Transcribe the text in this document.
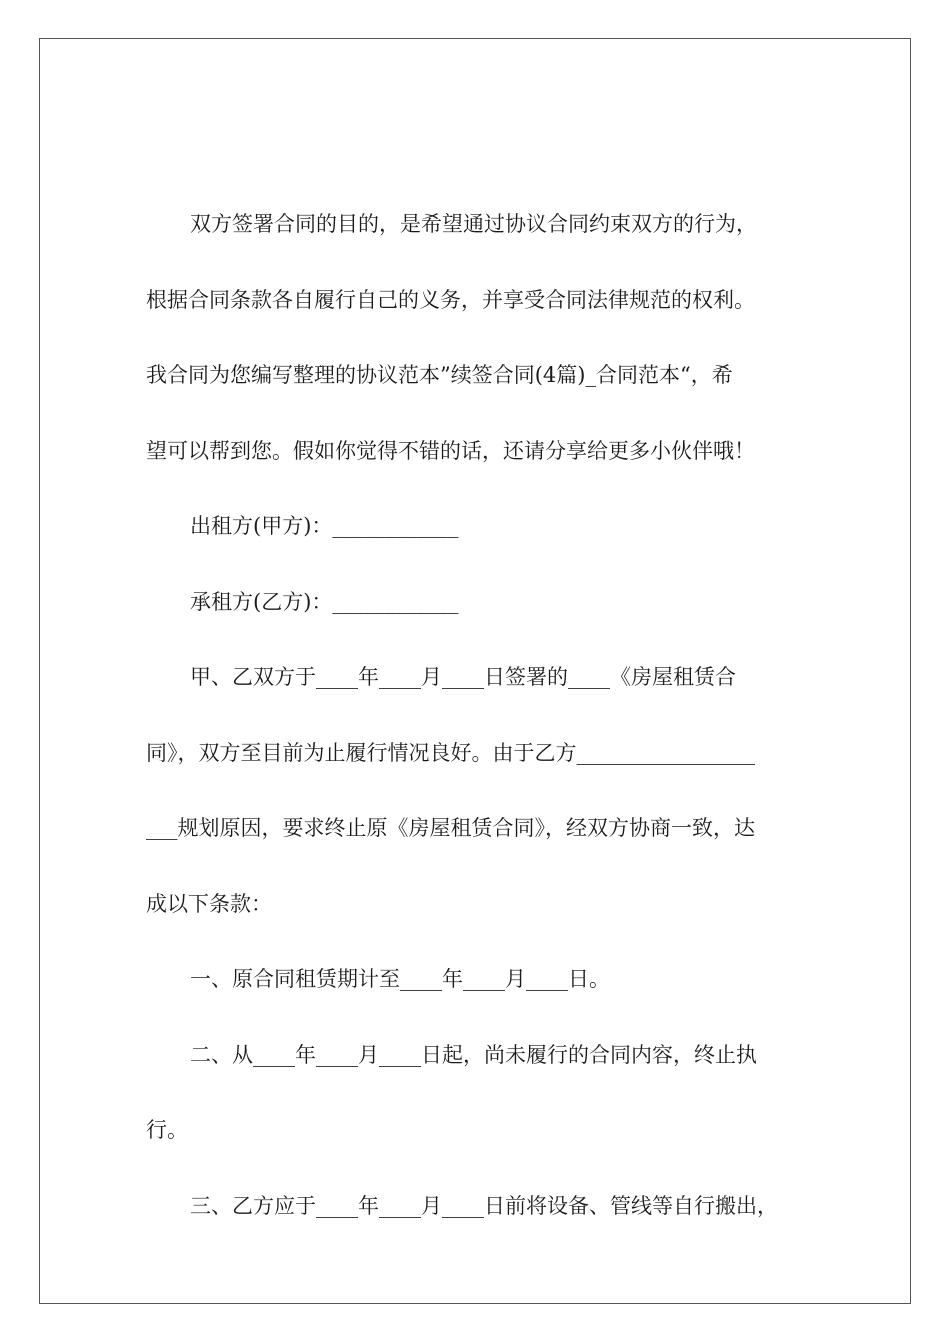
双方签署合同的目的，是希望通过协议合同约束双方的行为，
根据合同条款各自履行自己的义务，并享受合同法律规范的权利。
我合同为您编写整理的协议范本”续签合同(4篇)_合同范本“，希
望可以帮到您。假如你觉得不错的话，还请分享给更多小伙伴哦！
出租方(甲方)：____________
承租方(乙方)：____________
甲、乙双方于____年____月____日签署的____《房屋租赁合
同》，双方至目前为止履行情况良好。由于乙方_________________
___规划原因，要求终止原《房屋租赁合同》，经双方协商一致，达
成以下条款：
一、原合同租赁期计至____年____月____日。
二、从____年____月____日起，尚未履行的合同内容，终止执
行。
三、乙方应于____年____月____日前将设备、管线等自行搬出，
